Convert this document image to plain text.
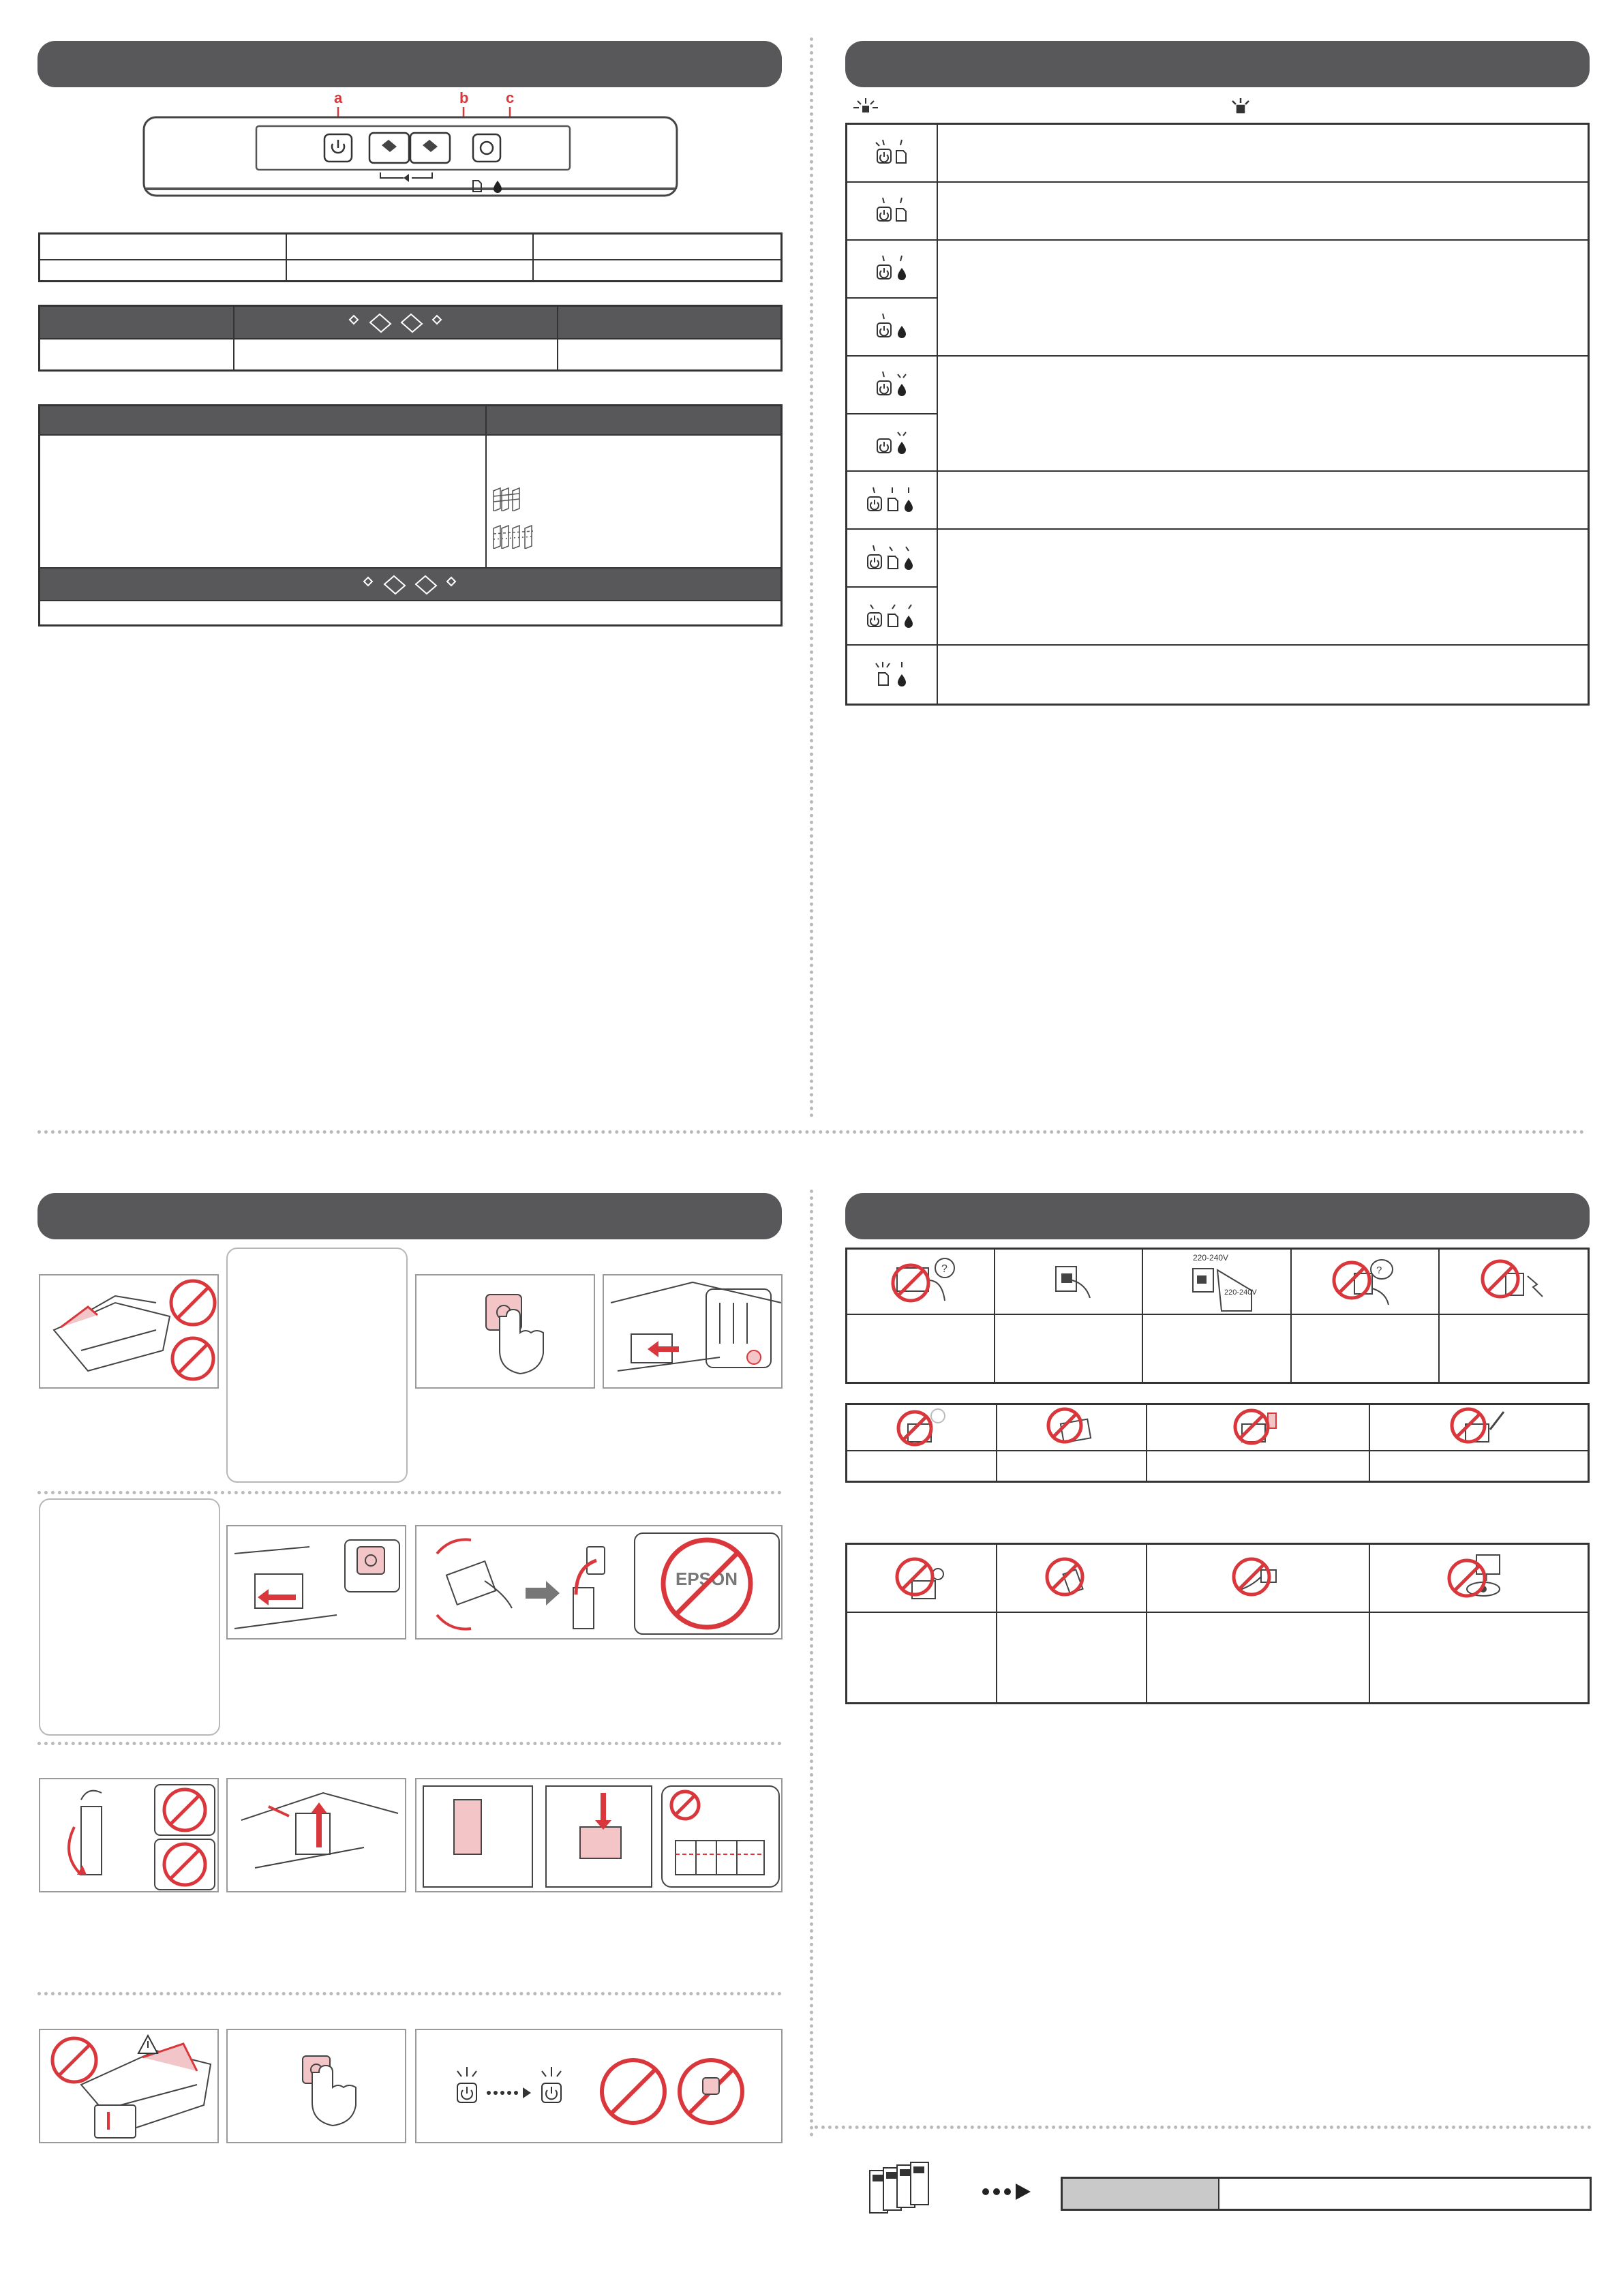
a	b c
EPSON
?
220-240V
220-240V
?
